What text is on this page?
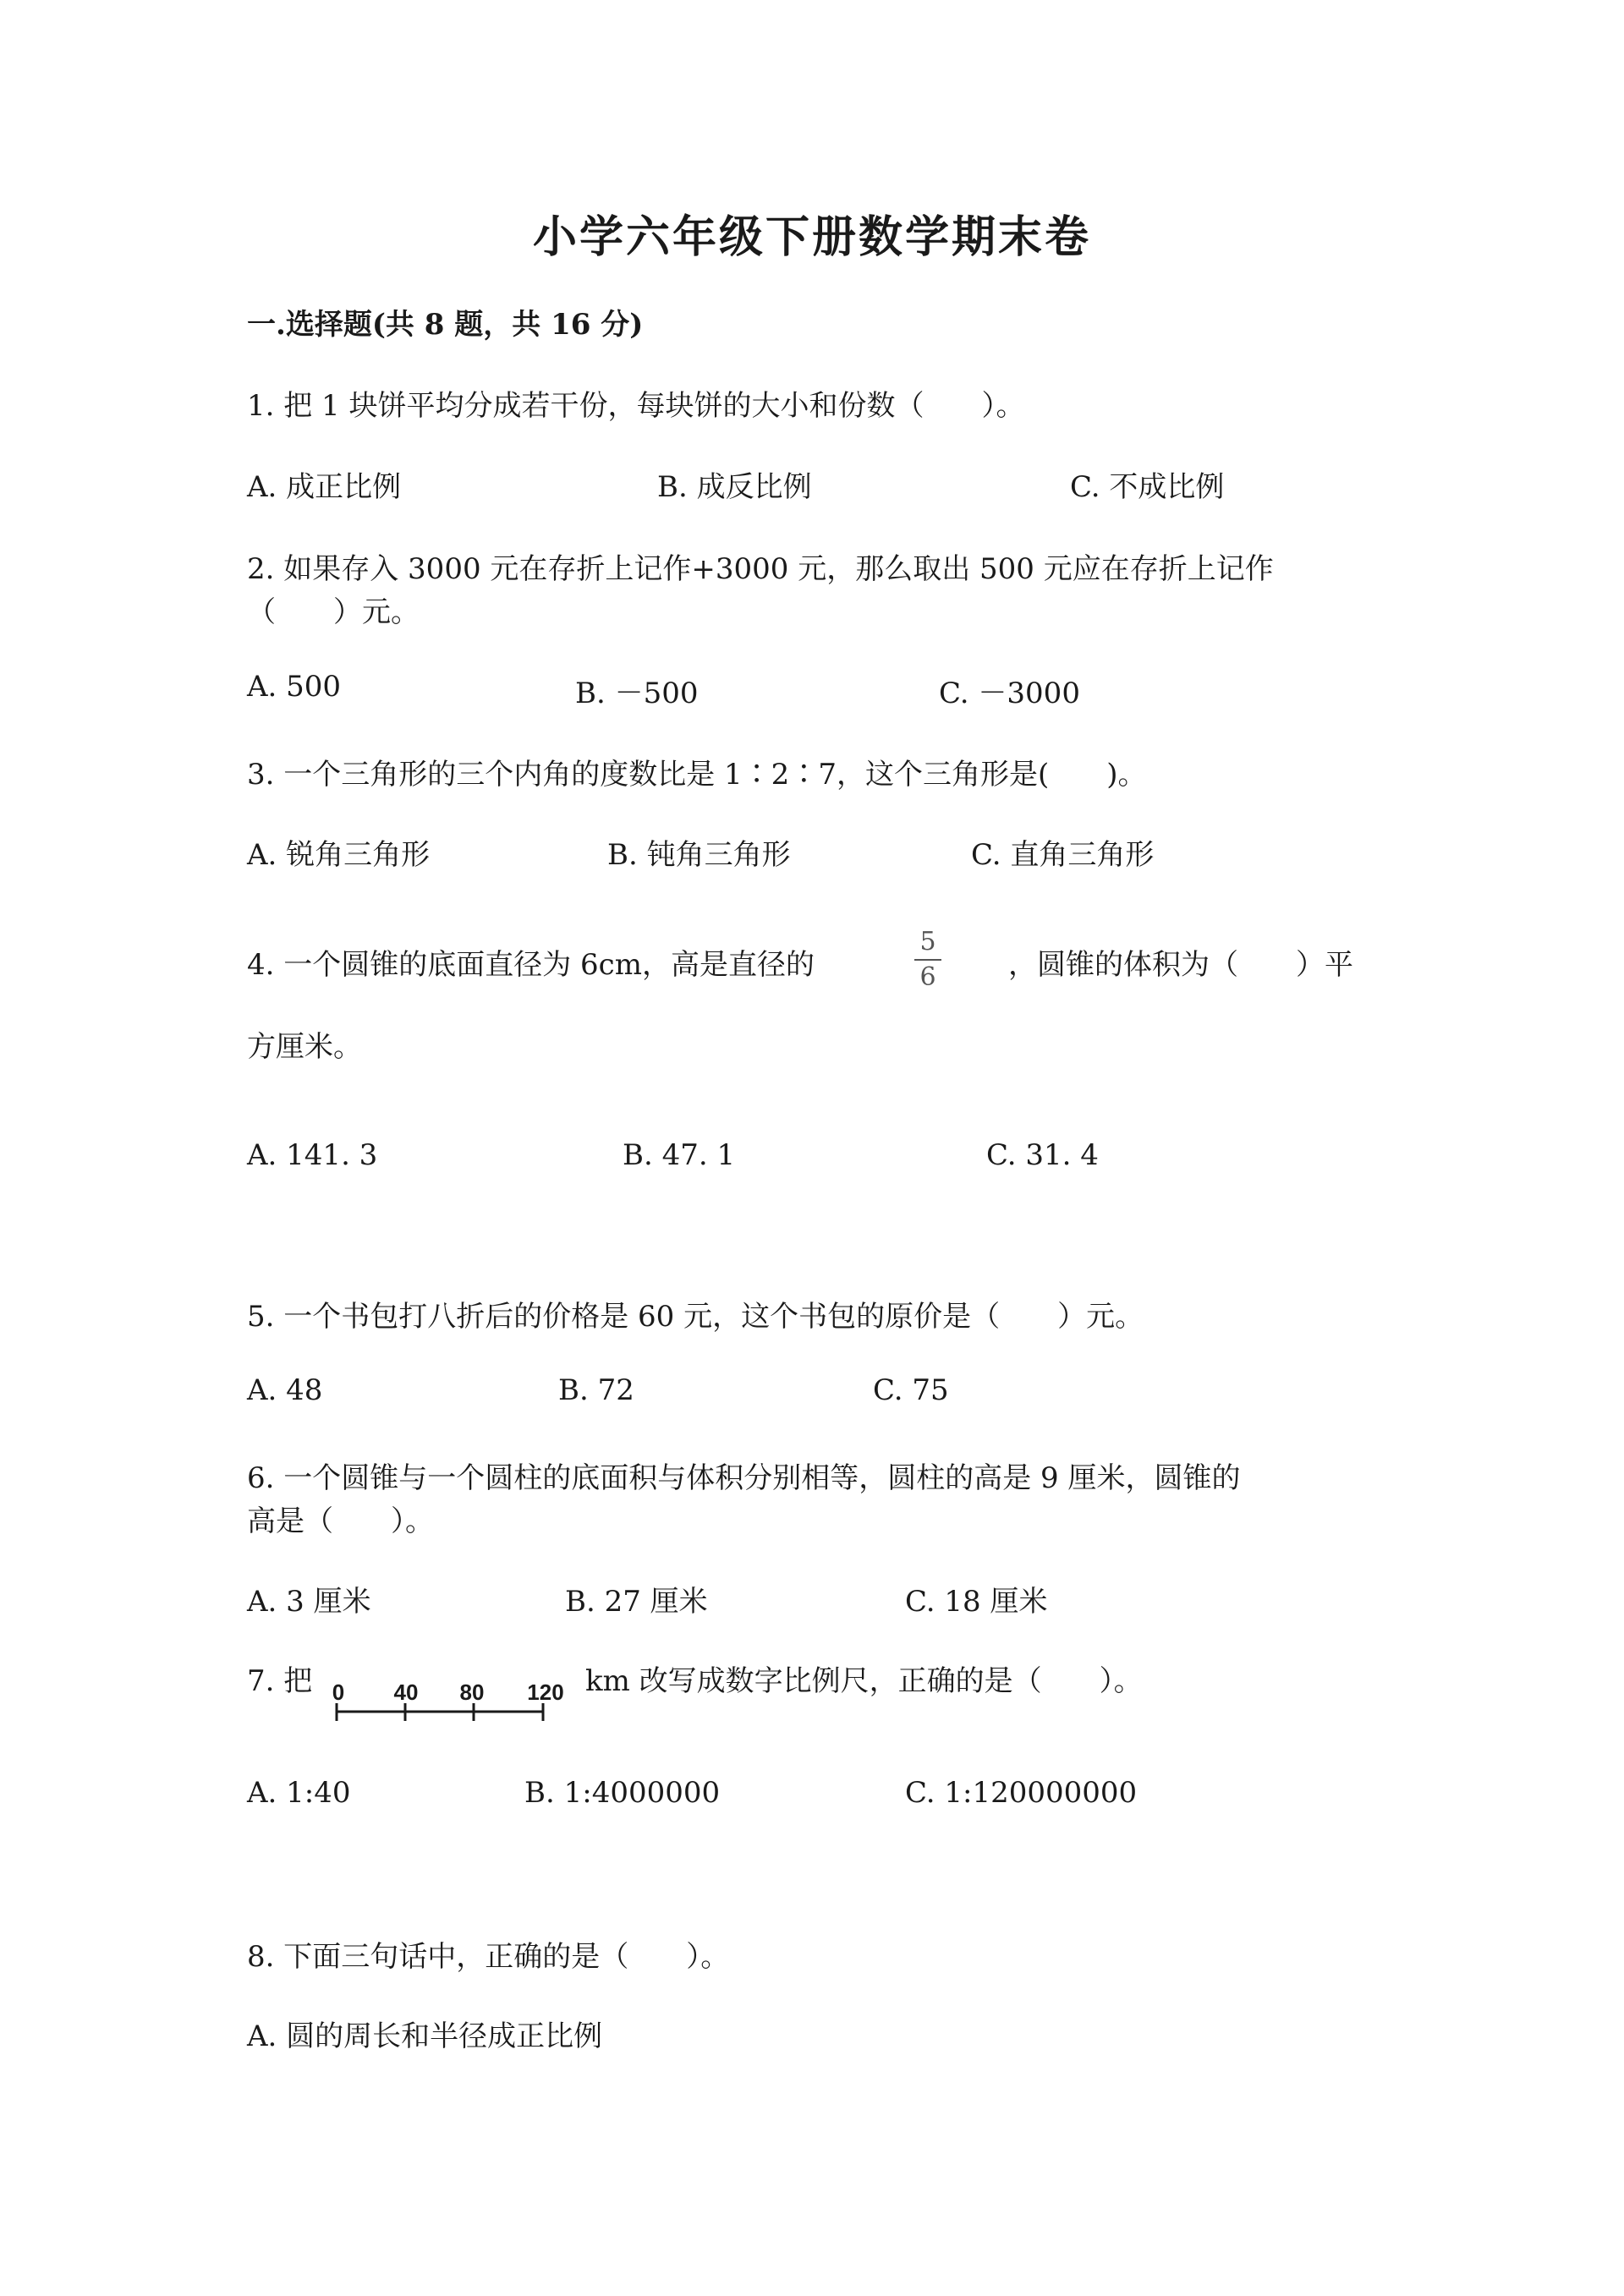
小学六年级下册数学期末卷
一.选择题(共 8 题，共 16 分)
1. 把 1 块饼平均分成若干份，每块饼的大小和份数（　　）。
A. 成正比例	B. 成反比例	C. 不成比例
2. 如果存入 3000 元在存折上记作+3000 元，那么取出 500 元应在存折上记作
（　　）元。
A. 500	B. －500	C. －3000
3. 一个三角形的三个内角的度数比是 1∶2∶7，这个三角形是(　　)。
A. 锐角三角形	B. 钝角三角形	C. 直角三角形
4. 一个圆锥的底面直径为 6cm，高是直径的
5
6	，圆锥的体积为（　　）平
方厘米。
A. 141. 3	B. 47. 1	C. 31. 4
5. 一个书包打八折后的价格是 60 元，这个书包的原价是（　　）元。
A. 48	B. 72	C. 75
6. 一个圆锥与一个圆柱的底面积与体积分别相等，圆柱的高是 9 厘米，圆锥的
高是（　　）。
A. 3 厘米	B. 27 厘米	C. 18 厘米
7. 把 0 40 80 120 km 改写成数字比例尺，正确的是（　　）。
A. 1:40	B. 1:4000000	C. 1:120000000
8. 下面三句话中，正确的是（　　）。
A. 圆的周长和半径成正比例
